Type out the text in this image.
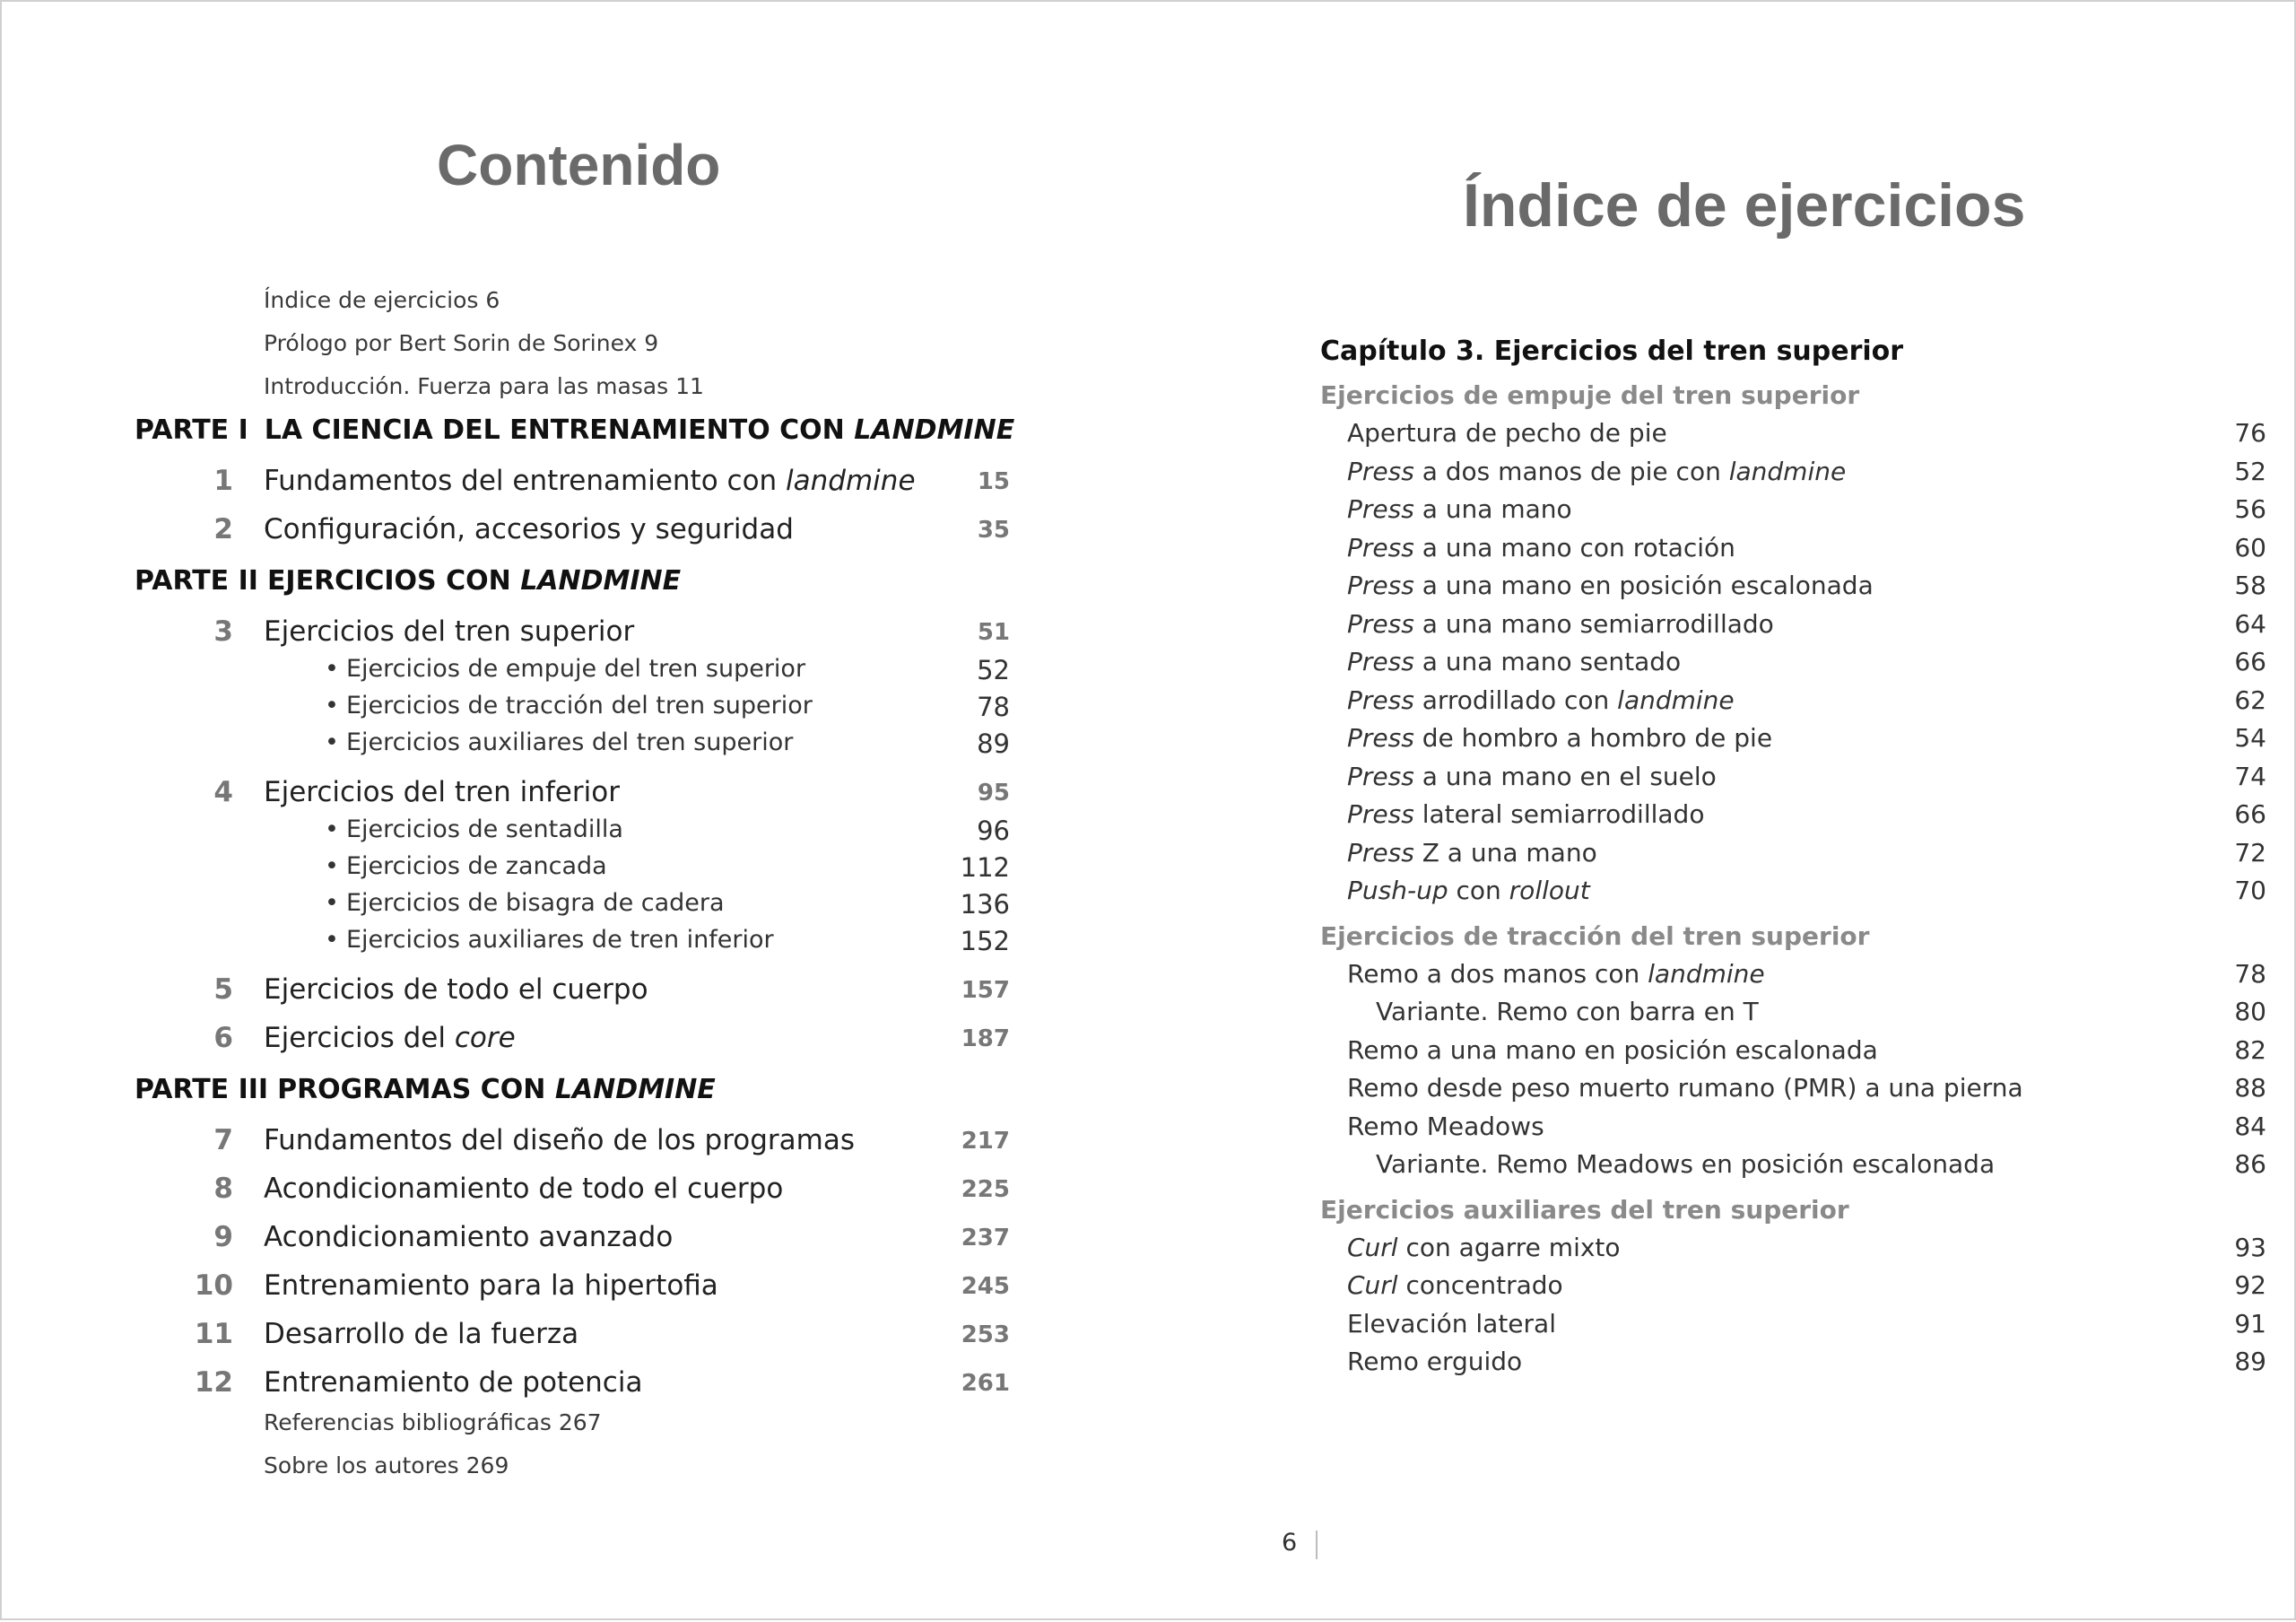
Contenido
Índice de ejercicios 6
Prólogo por Bert Sorin de Sorinex 9
Introducción. Fuerza para las masas 11
PARTE I LA CIENCIA DEL ENTRENAMIENTO CON LANDMINE
1 Fundamentos del entrenamiento con landmine	15
2 Configuración, accesorios y seguridad	35
PARTE II EJERCICIOS CON LANDMINE
3 Ejercicios del tren superior	51
• Ejercicios de empuje del tren superior	52
• Ejercicios de tracción del tren superior	78
• Ejercicios auxiliares del tren superior	89
4 Ejercicios del tren inferior	95
• Ejercicios de sentadilla	96
• Ejercicios de zancada	112
• Ejercicios de bisagra de cadera	136
• Ejercicios auxiliares de tren inferior	152
5 Ejercicios de todo el cuerpo	157
6 Ejercicios del core	187
PARTE III PROGRAMAS CON LANDMINE
7 Fundamentos del diseño de los programas	217
8 Acondicionamiento de todo el cuerpo	225
9 Acondicionamiento avanzado	237
10 Entrenamiento para la hipertofia	245
11 Desarrollo de la fuerza	253
12 Entrenamiento de potencia	261
Referencias bibliográficas 267
Sobre los autores 269
Índice de ejercicios
Capítulo 3. Ejercicios del tren superior
Ejercicios de empuje del tren superior
Apertura de pecho de pie	76
Press a dos manos de pie con landmine	52
Press a una mano	56
Press a una mano con rotación	60
Press a una mano en posición escalonada	58
Press a una mano semiarrodillado	64
Press a una mano sentado	66
Press arrodillado con landmine	62
Press de hombro a hombro de pie	54
Press a una mano en el suelo	74
Press lateral semiarrodillado	66
Press Z a una mano	72
Push-up con rollout	70
Ejercicios de tracción del tren superior
Remo a dos manos con landmine	78
Variante. Remo con barra en T	80
Remo a una mano en posición escalonada	82
Remo desde peso muerto rumano (PMR) a una pierna	88
Remo Meadows	84
Variante. Remo Meadows en posición escalonada	86
Ejercicios auxiliares del tren superior
Curl con agarre mixto	93
Curl concentrado	92
Elevación lateral	91
Remo erguido	89
6
